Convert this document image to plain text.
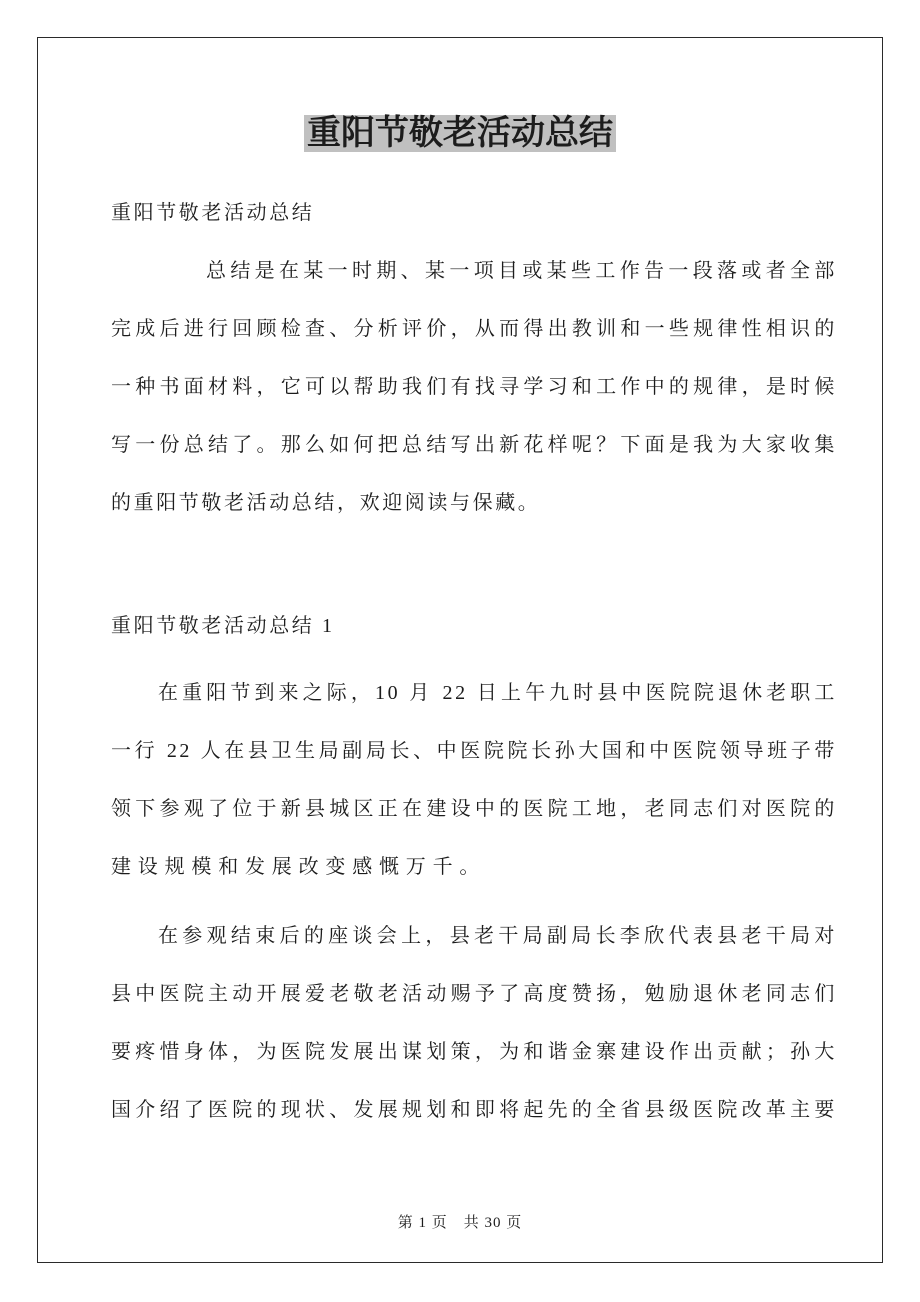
重阳节敬老活动总结
重阳节敬老活动总结
总结是在某一时期、某一项目或某些工作告一段落或者全部
完成后进行回顾检查、分析评价，从而得出教训和一些规律性相识的
一种书面材料，它可以帮助我们有找寻学习和工作中的规律，是时候
写一份总结了。那么如何把总结写出新花样呢？下面是我为大家收集
的重阳节敬老活动总结，欢迎阅读与保藏。
重阳节敬老活动总结 1
在重阳节到来之际，10 月 22 日上午九时县中医院院退休老职工
一行 22 人在县卫生局副局长、中医院院长孙大国和中医院领导班子带
领下参观了位于新县城区正在建设中的医院工地，老同志们对医院的
建设规模和发展改变感慨万千。
在参观结束后的座谈会上，县老干局副局长李欣代表县老干局对
县中医院主动开展爱老敬老活动赐予了高度赞扬，勉励退休老同志们
要疼惜身体，为医院发展出谋划策，为和谐金寨建设作出贡献；孙大
国介绍了医院的现状、发展规划和即将起先的全省县级医院改革主要
第 1 页　共 30 页
